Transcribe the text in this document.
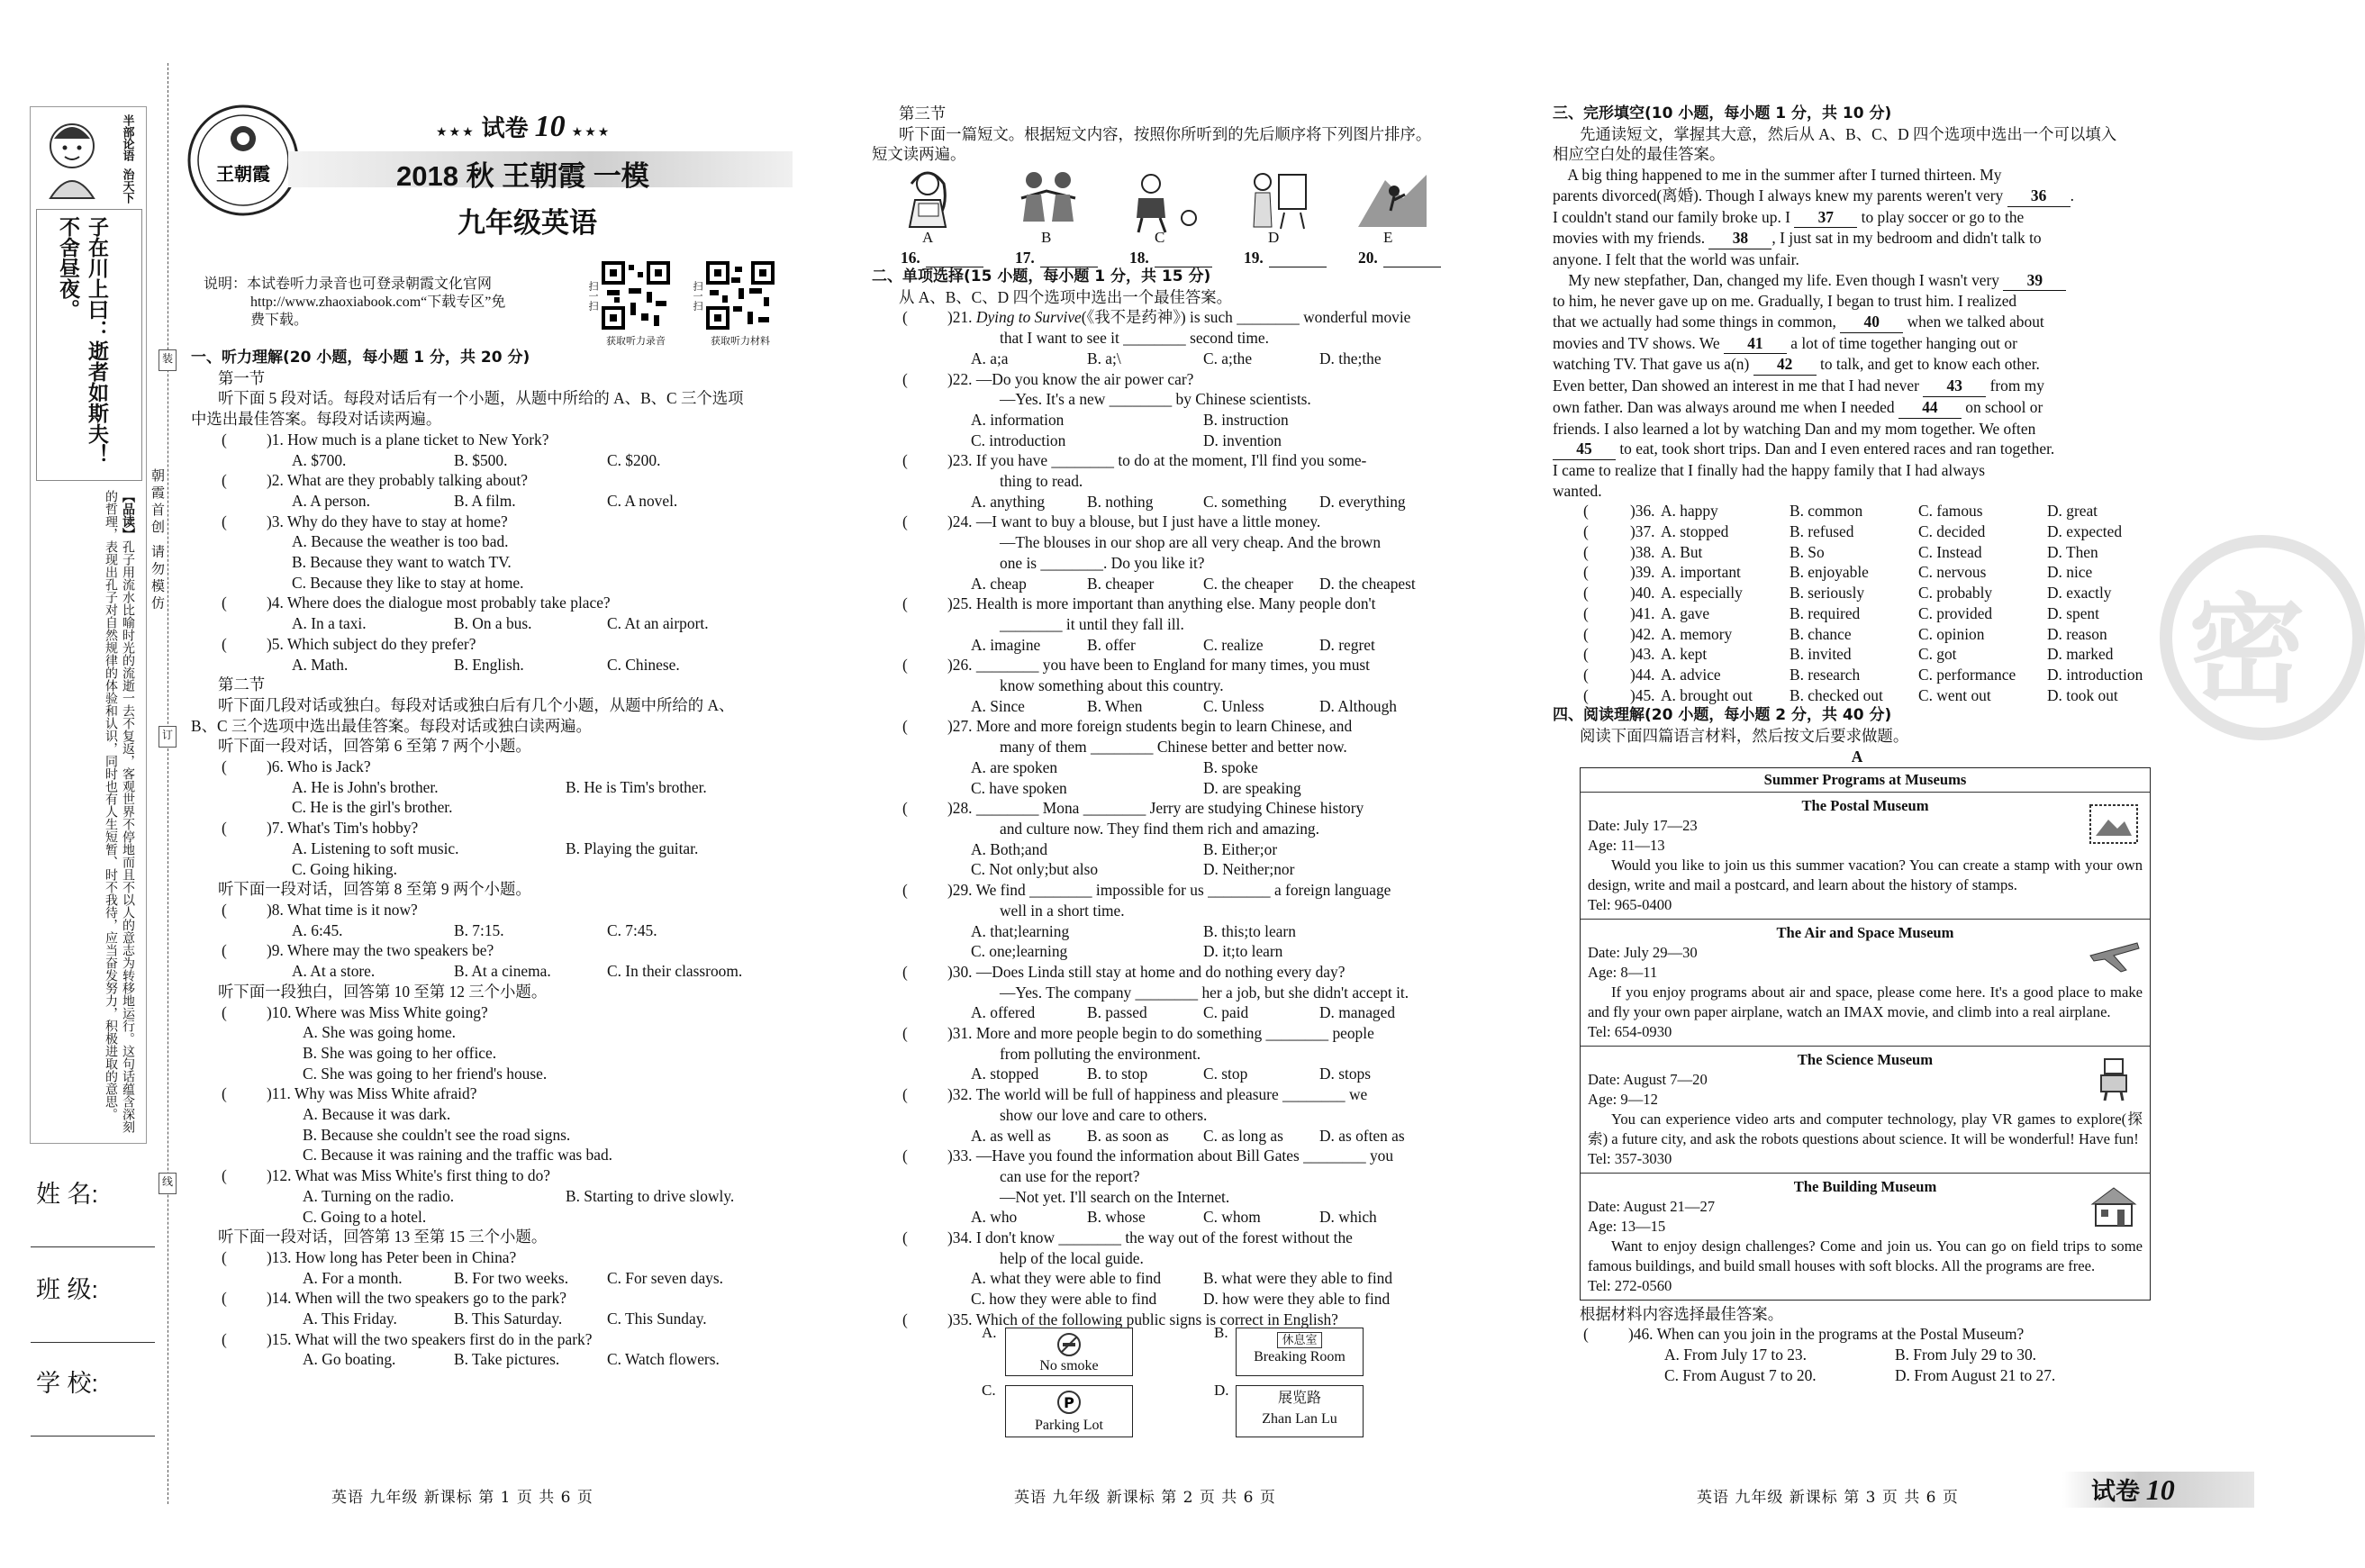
半部论语
治天下
子在川上曰：逝者如斯夫！不舍昼夜。
【品读】孔子用流水比喻时光的流逝一去不复返，客观世界不停地而且不以人的意志为转移地运行。这句话蕴含深刻的哲理，表现出孔子对自然规律的体验和认识，同时也有人生短暂、时不我待，应当奋发努力，积极进取的意思。	朝霞首创 请勿模仿
装
订
线
姓 名:
班 级:
学 校:
王朝霞
★★★ 试卷 10 ★★★
2018 秋 王朝霞 一模
九年级英语
说明：本试卷听力录音也可登录朝霞文化官网
http://www.zhaoxiabook.com“下载专区”免
费下载。
扫一扫
获取听力录音
扫一扫
获取听力材料
一、听力理解(20 小题，每小题 1 分，共 20 分)
第一节
听下面 5 段对话。每段对话后有一个小题，从题中所给的 A、B、C 三个选项
中选出最佳答案。每段对话读两遍。
(	)1. How much is a plane ticket to New York?
A. $700.	B. $500.	C. $200.
(	)2. What are they probably talking about?
A. A person.	B. A film.	C. A novel.
(	)3. Why do they have to stay at home?
A. Because the weather is too bad.
B. Because they want to watch TV.
C. Because they like to stay at home.
(	)4. Where does the dialogue most probably take place?
A. In a taxi.	B. On a bus.	C. At an airport.
(	)5. Which subject do they prefer?
A. Math.	B. English.	C. Chinese.
第二节
听下面几段对话或独白。每段对话或独白后有几个小题，从题中所给的 A、
B、C 三个选项中选出最佳答案。每段对话或独白读两遍。
听下面一段对话，回答第 6 至第 7 两个小题。
(	)6. Who is Jack?
A. He is John's brother.	B. He is Tim's brother.
C. He is the girl's brother.
(	)7. What's Tim's hobby?
A. Listening to soft music.	B. Playing the guitar.
C. Going hiking.
听下面一段对话，回答第 8 至第 9 两个小题。
(	)8. What time is it now?
A. 6:45.	B. 7:15.	C. 7:45.
(	)9. Where may the two speakers be?
A. At a store.	B. At a cinema.	C. In their classroom.
听下面一段独白，回答第 10 至第 12 三个小题。
(	)10. Where was Miss White going?
A. She was going home.
B. She was going to her office.
C. She was going to her friend's house.
(	)11. Why was Miss White afraid?
A. Because it was dark.
B. Because she couldn't see the road signs.
C. Because it was raining and the traffic was bad.
(	)12. What was Miss White's first thing to do?
A. Turning on the radio.	B. Starting to drive slowly.
C. Going to a hotel.
听下面一段对话，回答第 13 至第 15 三个小题。
(	)13. How long has Peter been in China?
A. For a month.	B. For two weeks.	C. For seven days.
(	)14. When will the two speakers go to the park?
A. This Friday.	B. This Saturday.	C. This Sunday.
(	)15. What will the two speakers first do in the park?
A. Go boating.	B. Take pictures.	C. Watch flowers.
第三节
听下面一篇短文。根据短文内容，按照你所听到的先后顺序将下列图片排序。
短文读两遍。
A	B	C	D	E
16.	17.	18.	19.	20.
二、单项选择(15 小题，每小题 1 分，共 15 分)
从 A、B、C、D 四个选项中选出一个最佳答案。
(	)21. Dying to Survive(《我不是药神》) is such ________ wonderful movie
that I want to see it ________ second time.
A. a;a	B. a;\	C. a;the	D. the;the
(	)22. —Do you know the air power car?
—Yes. It's a new ________ by Chinese scientists.
A. information	B. instruction
C. introduction	D. invention
(	)23. If you have ________ to do at the moment, I'll find you some-
thing to read.
A. anything	B. nothing	C. something	D. everything
(	)24. —I want to buy a blouse, but I just have a little money.
—The blouses in our shop are all very cheap. And the brown
one is ________. Do you like it?
A. cheap	B. cheaper	C. the cheaper	D. the cheapest
(	)25. Health is more important than anything else. Many people don't
________ it until they fall ill.
A. imagine	B. offer	C. realize	D. regret
(	)26. ________ you have been to England for many times, you must
know something about this country.
A. Since	B. When	C. Unless	D. Although
(	)27. More and more foreign students begin to learn Chinese, and
many of them ________ Chinese better and better now.
A. are spoken	B. spoke
C. have spoken	D. are speaking
(	)28. ________ Mona ________ Jerry are studying Chinese history
and culture now. They find them rich and amazing.
A. Both;and	B. Either;or
C. Not only;but also	D. Neither;nor
(	)29. We find ________ impossible for us ________ a foreign language
well in a short time.
A. that;learning	B. this;to learn
C. one;learning	D. it;to learn
(	)30. —Does Linda still stay at home and do nothing every day?
—Yes. The company ________ her a job, but she didn't accept it.
A. offered	B. passed	C. paid	D. managed
(	)31. More and more people begin to do something ________ people
from polluting the environment.
A. stopped	B. to stop	C. stop	D. stops
(	)32. The world will be full of happiness and pleasure ________ we
show our love and care to others.
A. as well as	B. as soon as	C. as long as	D. as often as
(	)33. —Have you found the information about Bill Gates ________ you
can use for the report?
—Not yet. I'll search on the Internet.
A. who	B. whose	C. whom	D. which
(	)34. I don't know ________ the way out of the forest without the
help of the local guide.
A. what they were able to find	B. what were they able to find
C. how they were able to find	D. how were they able to find
(	)35. Which of the following public signs is correct in English?
A.
No smoke
B.	休息室
Breaking Room
C.
P
Parking Lot
D.	展览路
Zhan Lan Lu
三、完形填空(10 小题，每小题 1 分，共 10 分)
先通读短文，掌握其大意，然后从 A、B、C、D 四个选项中选出一个可以填入
相应空白处的最佳答案。
A big thing happened to me in the summer after I turned thirteen. My
parents divorced(离婚). Though I always knew my parents weren't very 36 .
I couldn't stand our family broke up. I 37 to play soccer or go to the
movies with my friends. 38 , I just sat in my bedroom and didn't talk to
anyone. I felt that the world was unfair.
My new stepfather, Dan, changed my life. Even though I wasn't very 39
to him, he never gave up on me. Gradually, I began to trust him. I realized
that we actually had some things in common, 40 when we talked about
movies and TV shows. We 41 a lot of time together hanging out or
watching TV. That gave us a(n) 42 to talk, and get to know each other.
Even better, Dan showed an interest in me that I had never 43 from my
own father. Dan was always around me when I needed 44 on school or
friends. I also learned a lot by watching Dan and my mom together. We often
45 to eat, took short trips. Dan and I even entered races and ran together.
I came to realize that I finally had the happy family that I had always
wanted.
(	)36. A. happy	B. common	C. famous	D. great
(	)37. A. stopped	B. refused	C. decided	D. expected
(	)38. A. But	B. So	C. Instead	D. Then
(	)39. A. important	B. enjoyable	C. nervous	D. nice
(	)40. A. especially	B. seriously	C. probably	D. exactly
(	)41. A. gave	B. required	C. provided	D. spent
(	)42. A. memory	B. chance	C. opinion	D. reason
(	)43. A. kept	B. invited	C. got	D. marked
(	)44. A. advice	B. research	C. performance	D. introduction
(	)45. A. brought out	B. checked out	C. went out	D. took out
四、阅读理解(20 小题，每小题 2 分，共 40 分)
阅读下面四篇语言材料，然后按文后要求做题。
A
Summer Programs at Museums
The Postal Museum
Date: July 17—23
Age: 11—13

Would you like to join us this summer vacation? You can create a stamp with your own design, write and mail a postcard, and learn about the history of stamps.

Tel: 965-0400
The Air and Space Museum
Date: July 29—30
Age: 8—11

If you enjoy programs about air and space, please come here. It's a good place to make and fly your own paper airplane, watch an IMAX movie, and climb into a real airplane.

Tel: 654-0930
The Science Museum
Date: August 7—20
Age: 9—12

You can experience video arts and computer technology, play VR games to explore(探索) a future city, and ask the robots questions about science. It will be wonderful! Have fun!

Tel: 357-3030
The Building Museum
Date: August 21—27
Age: 13—15

Want to enjoy design challenges? Come and join us. You can go on field trips to some famous buildings, and build small houses with soft blocks. All the programs are free.

Tel: 272-0560
根据材料内容选择最佳答案。
(	)46. When can you join in the programs at the Postal Museum?
A. From July 17 to 23.	B. From July 29 to 30.
C. From August 7 to 20.	D. From August 21 to 27.
密
英语 九年级 新课标 第 1 页 共 6 页	英语 九年级 新课标 第 2 页 共 6 页	英语 九年级 新课标 第 3 页 共 6 页	试卷 10
